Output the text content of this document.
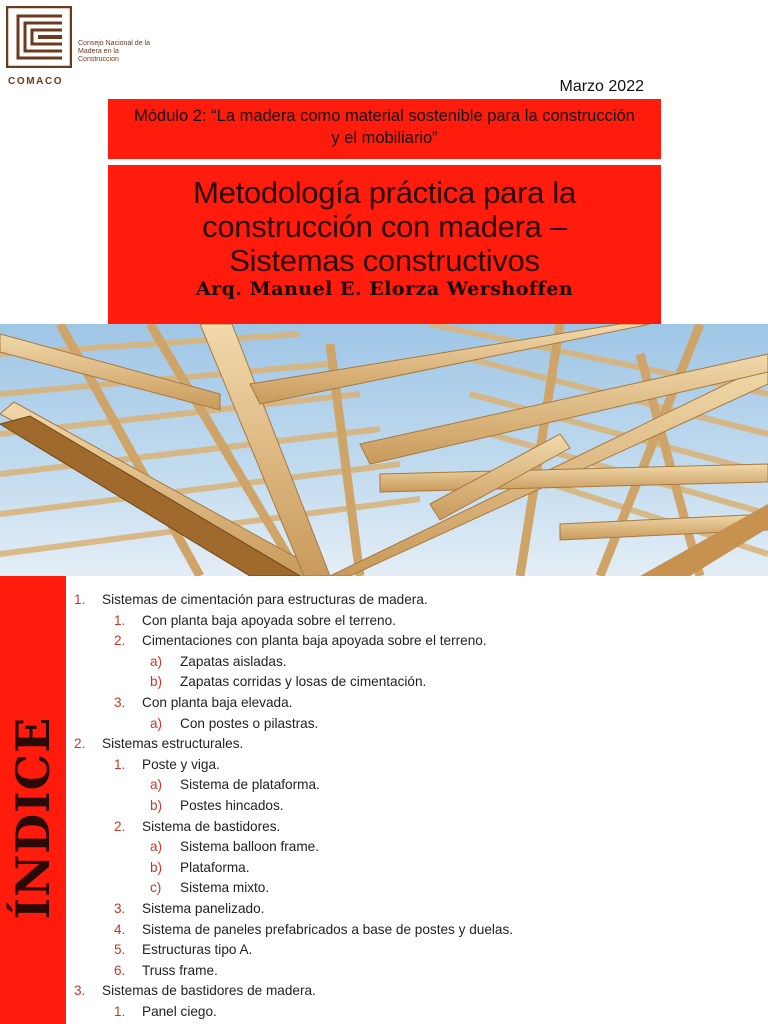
Consejo Nacional de la Madera en la Construccion
COMACO	Marzo 2022
Módulo 2: “La madera como material sostenible para la construcción y el mobiliario”
Metodología práctica para la
construcción con madera –
Sistemas constructivos
Arq. Manuel E. Elorza Wershoffen
ÍNDICE
1. Sistemas de cimentación para estructuras de madera.
1. Con planta baja apoyada sobre el terreno.
2. Cimentaciones con planta baja apoyada sobre el terreno.
a) Zapatas aisladas.
b) Zapatas corridas y losas de cimentación.
3. Con planta baja elevada.
a) Con postes o pilastras.
2. Sistemas estructurales.
1. Poste y viga.
a) Sistema de plataforma.
b) Postes hincados.
2. Sistema de bastidores.
a) Sistema balloon frame.
b) Plataforma.
c) Sistema mixto.
3. Sistema panelizado.
4. Sistema de paneles prefabricados a base de postes y duelas.
5. Estructuras tipo A.
6. Truss frame.
3. Sistemas de bastidores de madera.
1. Panel ciego.
